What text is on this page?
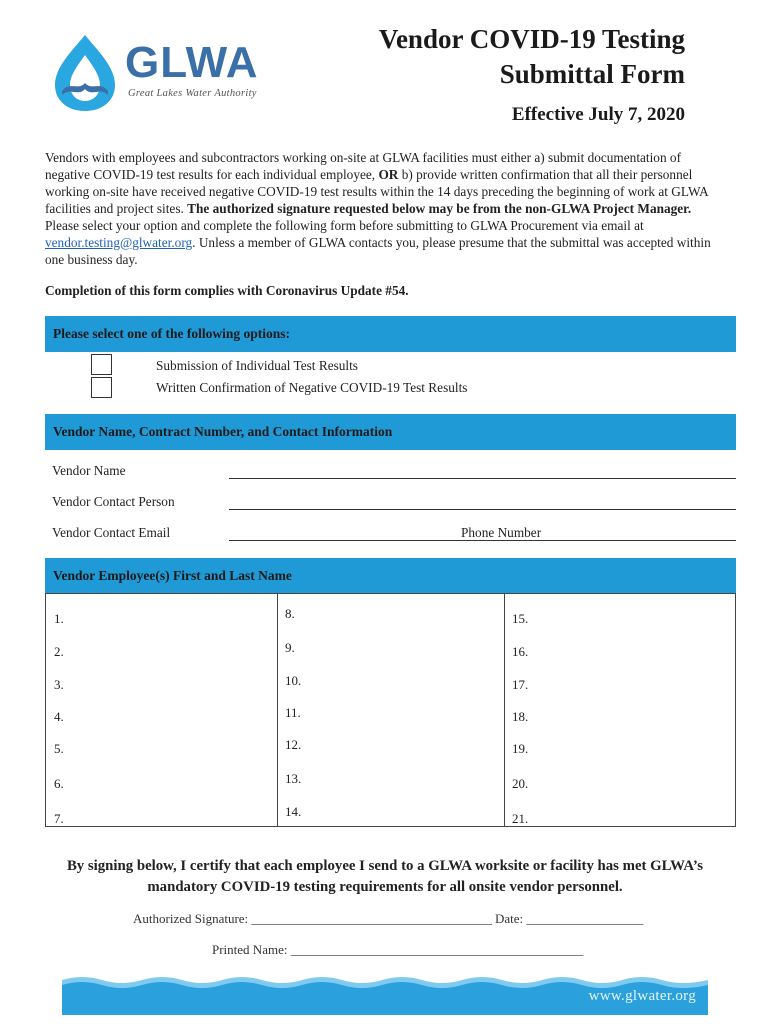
GLWA
Great Lakes Water Authority
Vendor COVID-19 Testing
Submittal Form
Effective July 7, 2020
Vendors with employees and subcontractors working on-site at GLWA facilities must either a) submit documentation of negative COVID-19 test results for each individual employee, OR b) provide written confirmation that all their personnel working on-site have received negative COVID-19 test results within the 14 days preceding the beginning of work at GLWA facilities and project sites. The authorized signature requested below may be from the non-GLWA Project Manager. Please select your option and complete the following form before submitting to GLWA Procurement via email at vendor.testing@glwater.org. Unless a member of GLWA contacts you, please presume that the submittal was accepted within one business day.
Completion of this form complies with Coronavirus Update #54.
Please select one of the following options:
Submission of Individual Test Results
Written Confirmation of Negative COVID-19 Test Results
Vendor Name, Contract Number, and Contact Information
Vendor Name
Vendor Contact Person
Vendor Contact Email	Phone Number
Vendor Employee(s) First and Last Name
1.
2.
3.
4.
5.
6.
7.
8.
9.
10.
11.
12.
13.
14.
15.
16.
17.
18.
19.
20.
21.
By signing below, I certify that each employee I send to a GLWA worksite or facility has met GLWA’s mandatory COVID-19 testing requirements for all onsite vendor personnel.
Authorized Signature: _____________________________________ Date: __________________
Printed Name: _____________________________________________
www.glwater.org
